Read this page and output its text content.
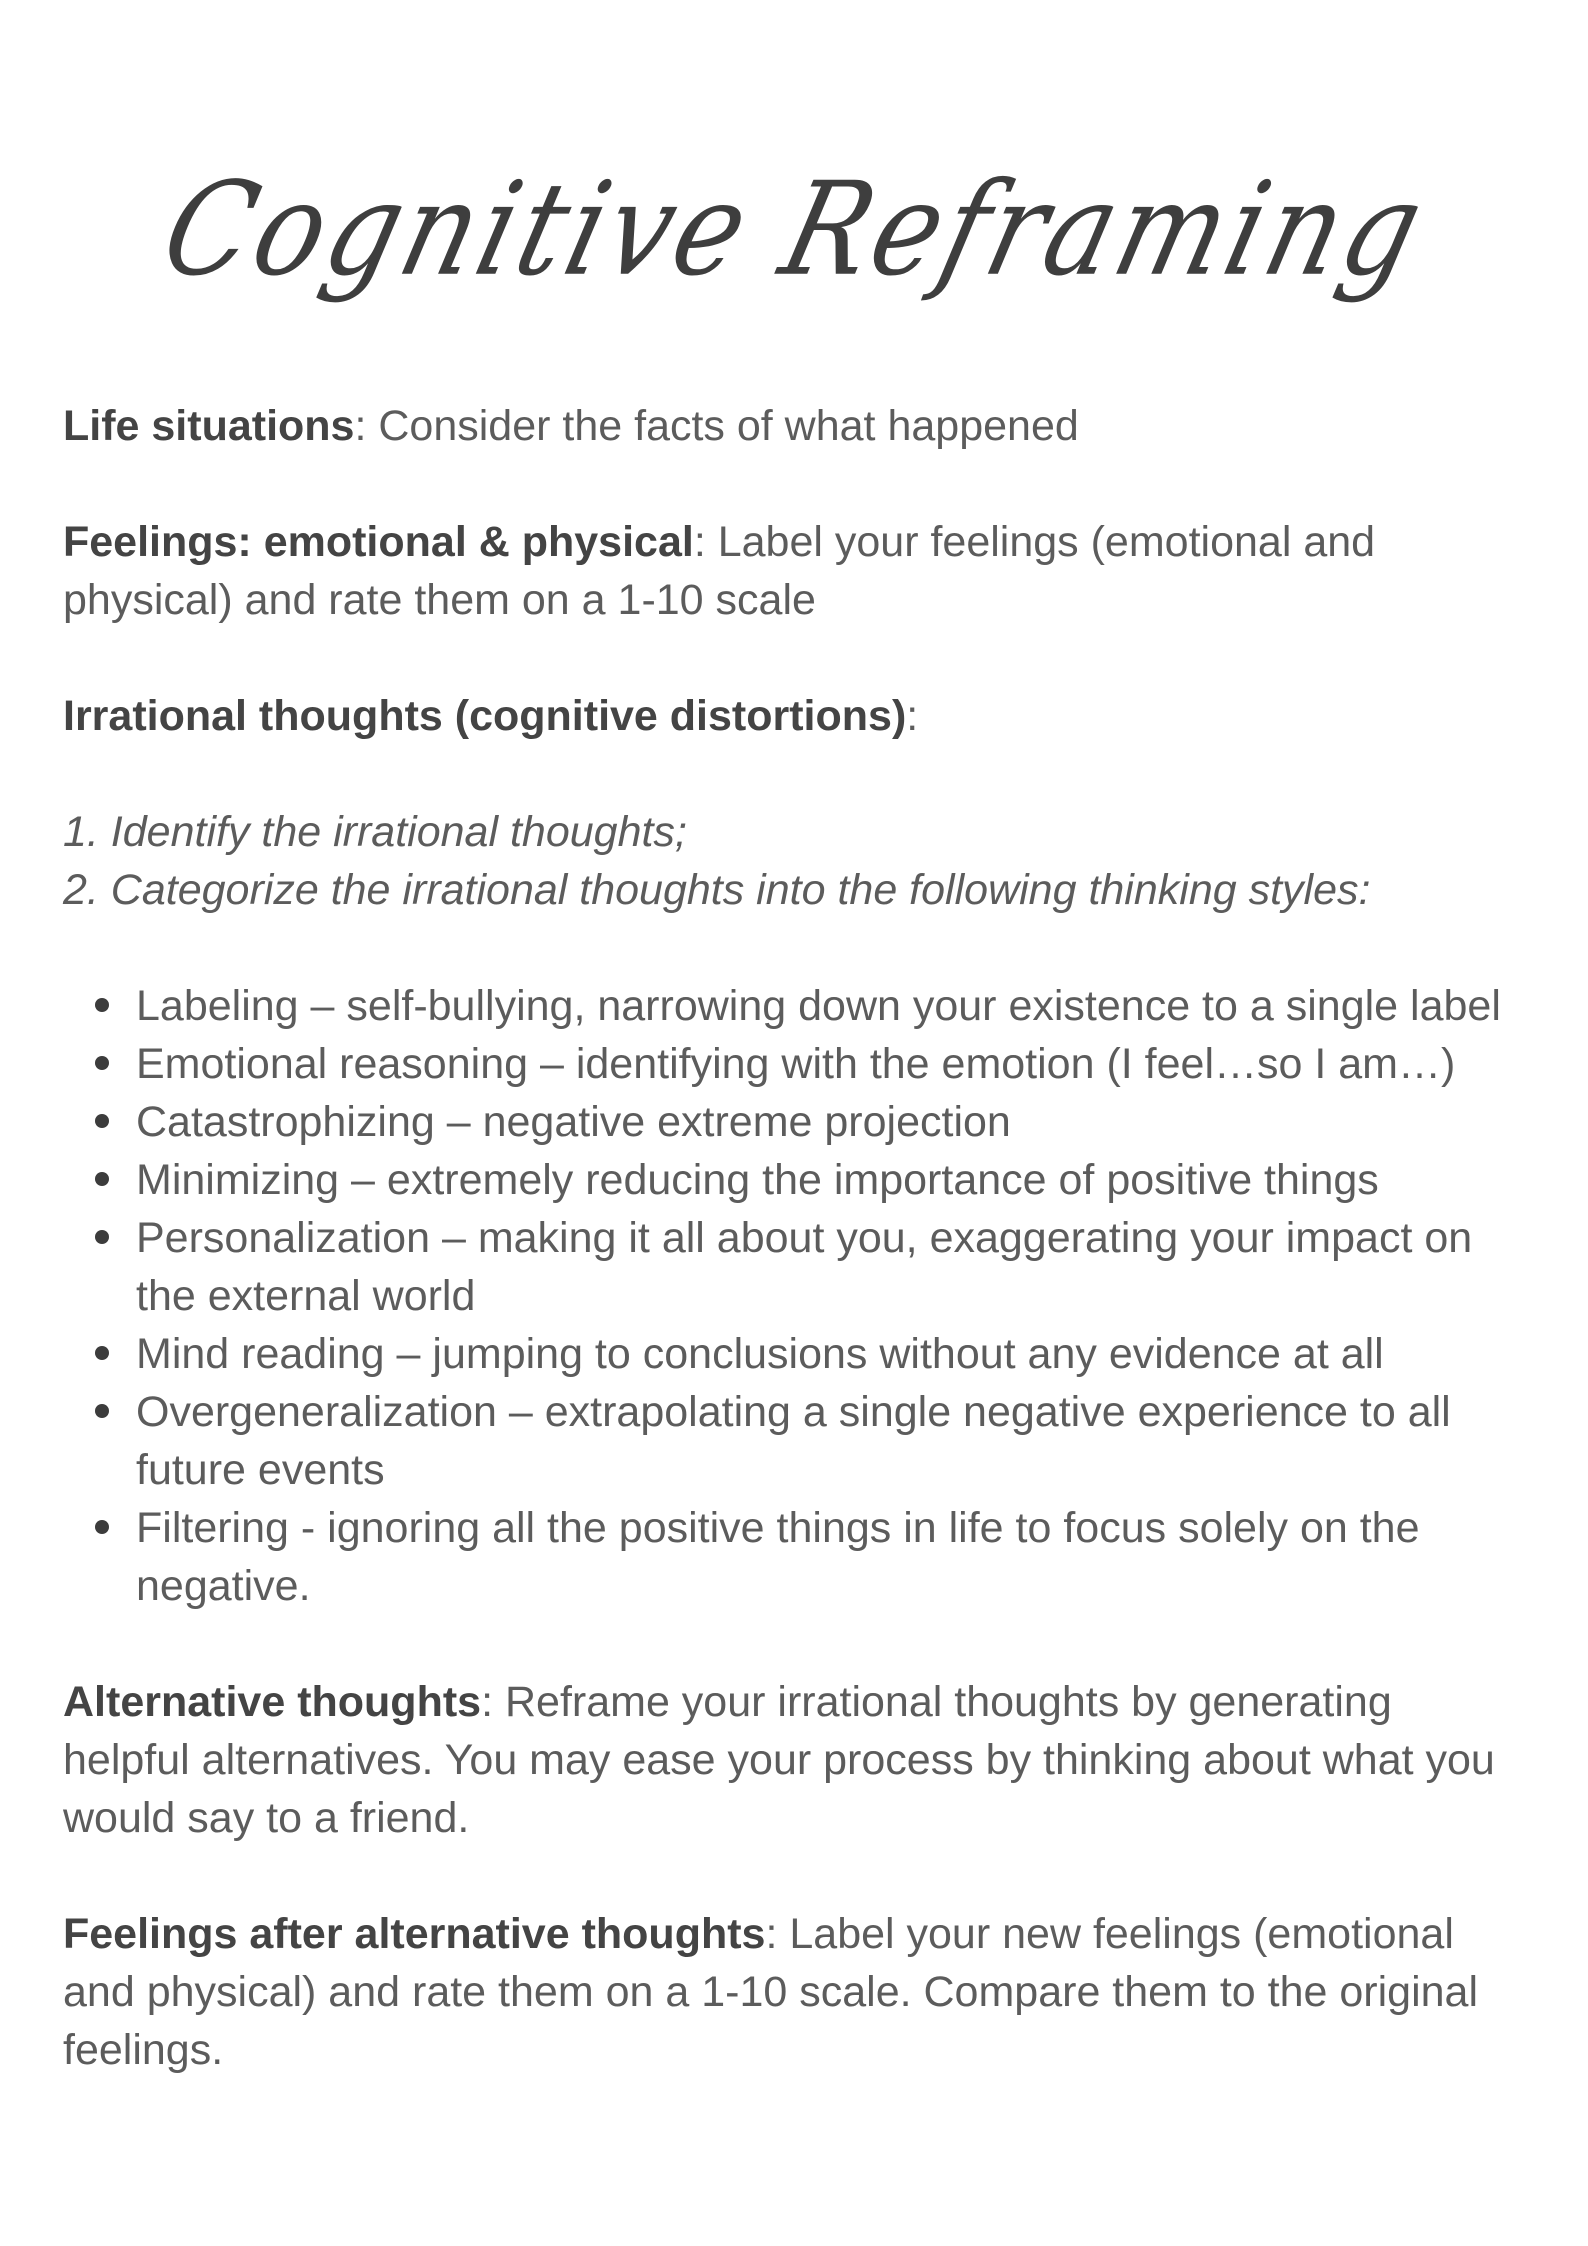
Cognitive Reframing

Life situations: Consider the facts of what happened

Feelings: emotional & physical: Label your feelings (emotional and physical) and rate them on a 1-10 scale

Irrational thoughts (cognitive distortions):

1. Identify the irrational thoughts;

2. Categorize the irrational thoughts into the following thinking styles:

Labeling – self-bullying, narrowing down your existence to a single label
Emotional reasoning – identifying with the emotion (I feel…so I am…)
Catastrophizing – negative extreme projection
Minimizing – extremely reducing the importance of positive things
Personalization – making it all about you, exaggerating your impact on the external world
Mind reading – jumping to conclusions without any evidence at all
Overgeneralization – extrapolating a single negative experience to all future events
Filtering - ignoring all the positive things in life to focus solely on the negative.

Alternative thoughts: Reframe your irrational thoughts by generating helpful alternatives. You may ease your process by thinking about what you would say to a friend.

Feelings after alternative thoughts: Label your new feelings (emotional and physical) and rate them on a 1-10 scale. Compare them to the original feelings.
